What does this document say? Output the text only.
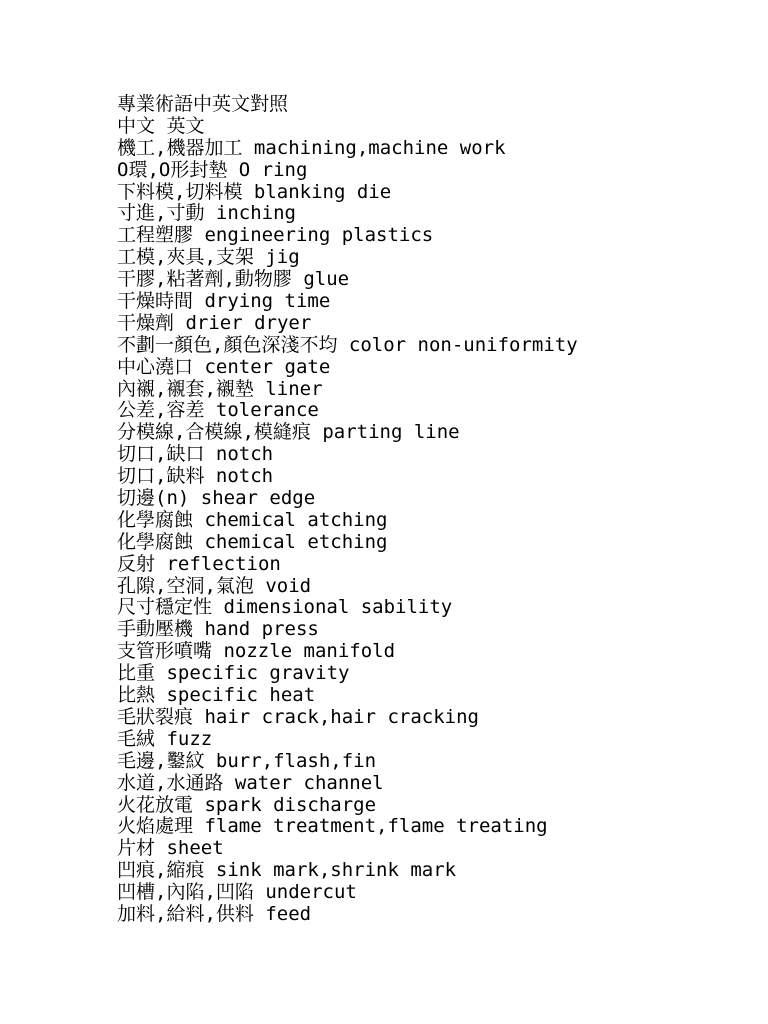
專業術語中英文對照
中文 英文
機工,機器加工 machining,machine work
O環,O形封墊 O ring
下料模,切料模 blanking die
寸進,寸動 inching
工程塑膠 engineering plastics
工模,夾具,支架 jig
干膠,粘著劑,動物膠 glue
干燥時間 drying time
干燥劑 drier dryer
不劃一顏色,顏色深淺不均 color non-uniformity
中心澆口 center gate
內襯,襯套,襯墊 liner
公差,容差 tolerance
分模線,合模線,模縫痕 parting line
切口,缺口 notch
切口,缺料 notch
切邊(n) shear edge
化學腐蝕 chemical atching
化學腐蝕 chemical etching
反射 reflection
孔隙,空洞,氣泡 void
尺寸穩定性 dimensional sability
手動壓機 hand press
支管形噴嘴 nozzle manifold
比重 specific gravity
比熱 specific heat
毛狀裂痕 hair crack,hair cracking
毛絨 fuzz
毛邊,鑿紋 burr,flash,fin
水道,水通路 water channel
火花放電 spark discharge
火焰處理 flame treatment,flame treating
片材 sheet
凹痕,縮痕 sink mark,shrink mark
凹槽,內陷,凹陷 undercut
加料,給料,供料 feed
